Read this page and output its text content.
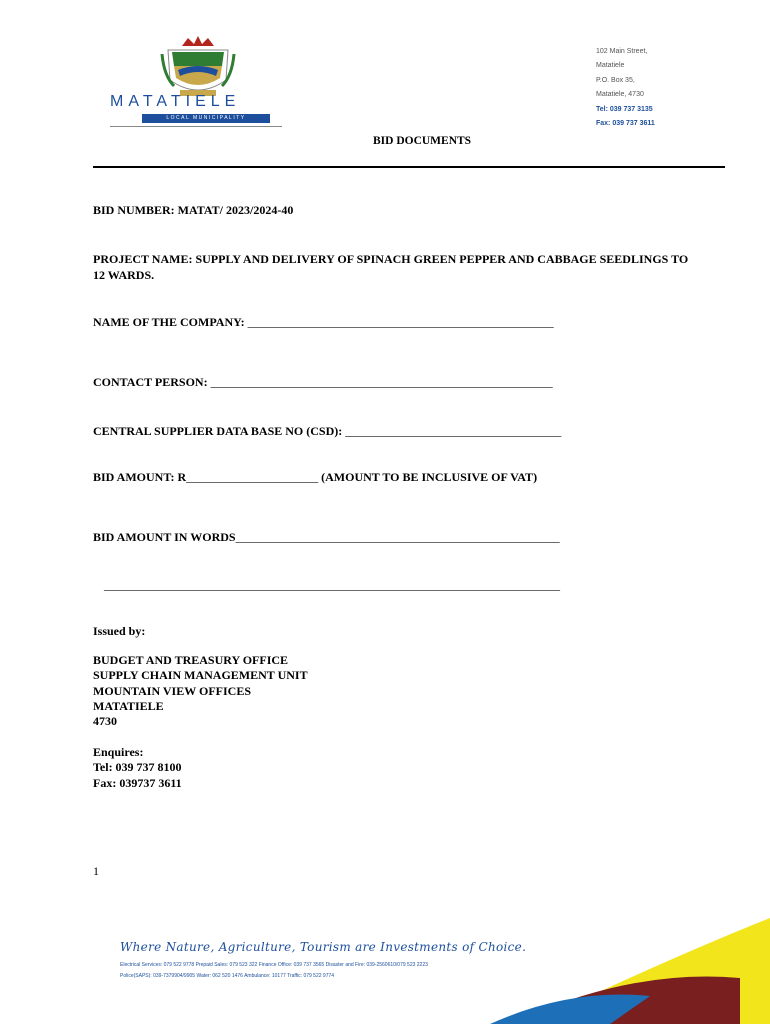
MATATIELE
LOCAL MUNICIPALITY
102 Main Street,
Matatiele
P.O. Box 35,
Matatiele, 4730
Tel: 039 737 3135
Fax: 039 737 3611
BID DOCUMENTS
BID NUMBER: MATAT/ 2023/2024-40
PROJECT NAME: SUPPLY AND DELIVERY OF SPINACH GREEN PEPPER AND CABBAGE SEEDLINGS TO 12 WARDS.
NAME OF THE COMPANY: ___________________________________________________
CONTACT PERSON: _________________________________________________________
CENTRAL SUPPLIER DATA BASE NO (CSD): ____________________________________
BID AMOUNT: R______________________ (AMOUNT TO BE INCLUSIVE OF VAT)
BID AMOUNT IN WORDS______________________________________________________
____________________________________________________________________________
Issued by:
BUDGET AND TREASURY OFFICE
SUPPLY CHAIN MANAGEMENT UNIT
MOUNTAIN VIEW OFFICES
MATATIELE
4730
Enquires:
Tel: 039 737 8100
Fax: 039737 3611
1
Where Nature, Agriculture, Tourism are Investments of Choice.
Electrical Services: 079 522 9778 Prepaid Sales: 079 523 322 Finance Office: 039 737 3565 Disaster and Fire: 039-2560610/079 523 2223
Police(SAPS): 039-7379904/9905 Water: 062 520 1476 Ambulance: 10177 Traffic: 079 522 9774
